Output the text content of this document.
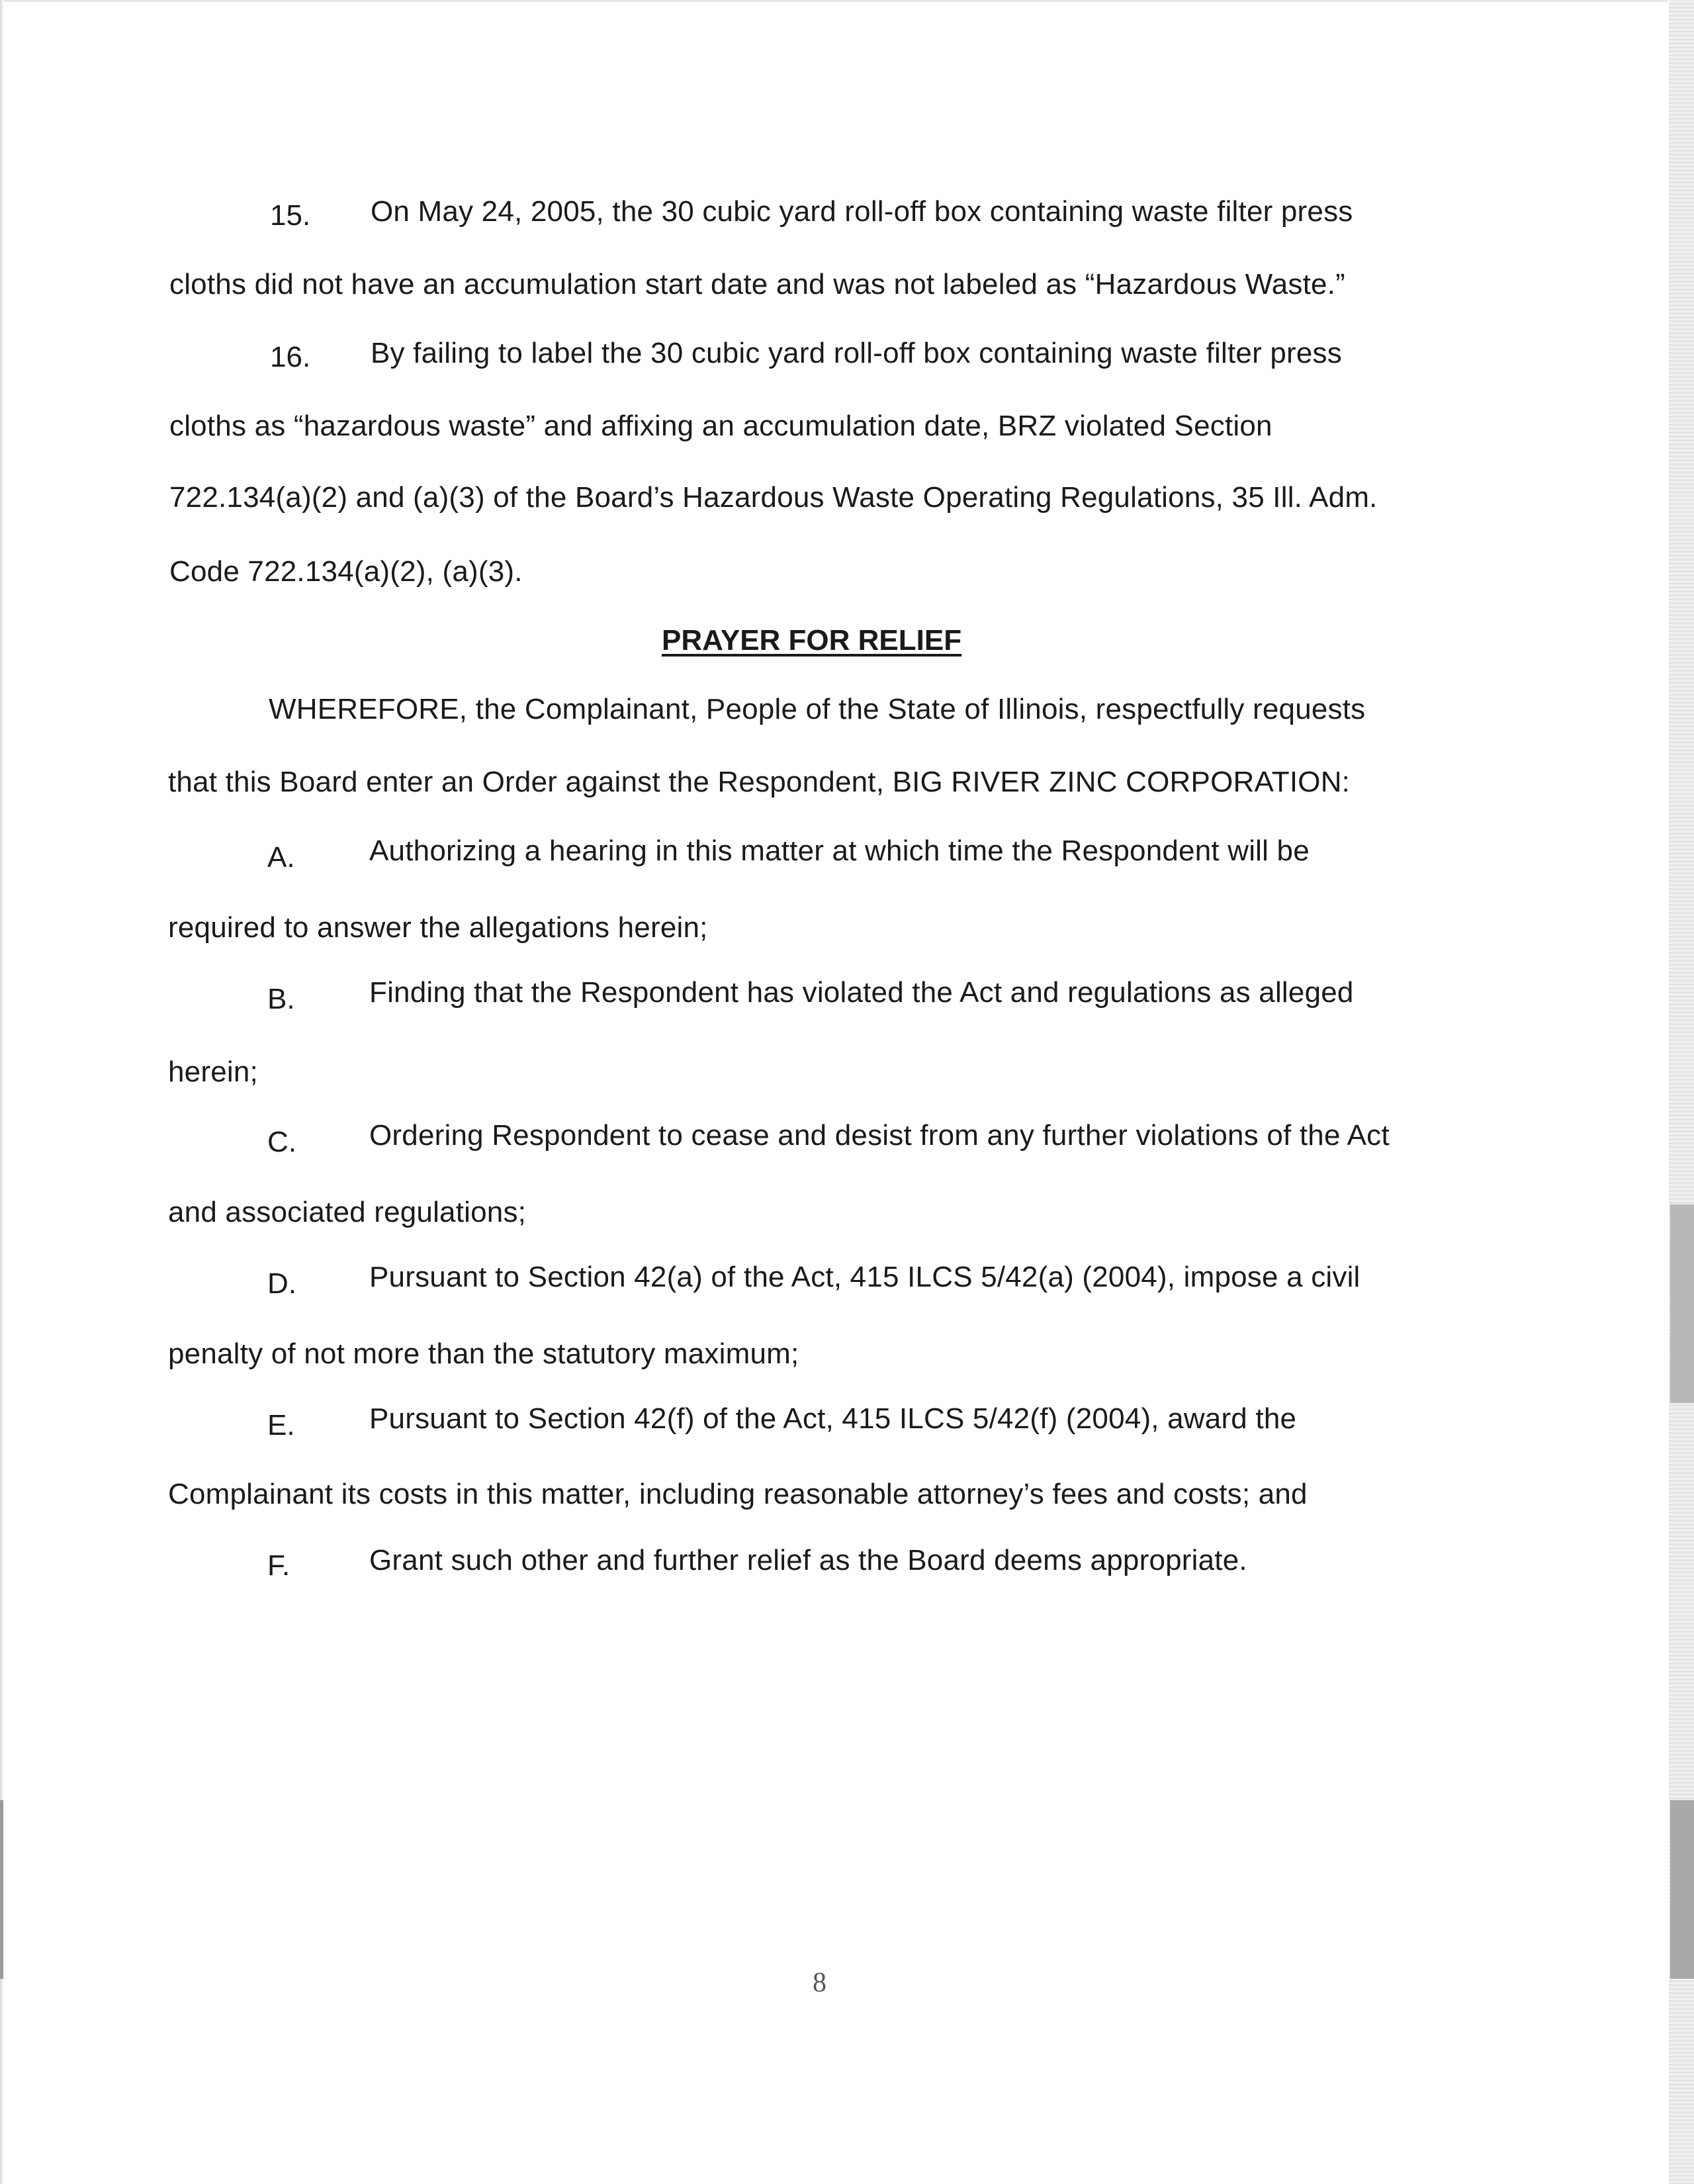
15. On May 24, 2005, the 30 cubic yard roll-off box containing waste filter press
cloths did not have an accumulation start date and was not labeled as “Hazardous Waste.”
16. By failing to label the 30 cubic yard roll-off box containing waste filter press
cloths as “hazardous waste” and affixing an accumulation date, BRZ violated Section
722.134(a)(2) and (a)(3) of the Board’s Hazardous Waste Operating Regulations, 35 Ill. Adm.
Code 722.134(a)(2), (a)(3).
PRAYER FOR RELIEF
WHEREFORE, the Complainant, People of the State of Illinois, respectfully requests
that this Board enter an Order against the Respondent, BIG RIVER ZINC CORPORATION:
A.	Authorizing a hearing in this matter at which time the Respondent will be
required to answer the allegations herein;
B.	Finding that the Respondent has violated the Act and regulations as alleged
herein;
C.	Ordering Respondent to cease and desist from any further violations of the Act
and associated regulations;
D.	Pursuant to Section 42(a) of the Act, 415 ILCS 5/42(a) (2004), impose a civil
penalty of not more than the statutory maximum;
E.	Pursuant to Section 42(f) of the Act, 415 ILCS 5/42(f) (2004), award the
Complainant its costs in this matter, including reasonable attorney’s fees and costs; and
F.	Grant such other and further relief as the Board deems appropriate.
8
